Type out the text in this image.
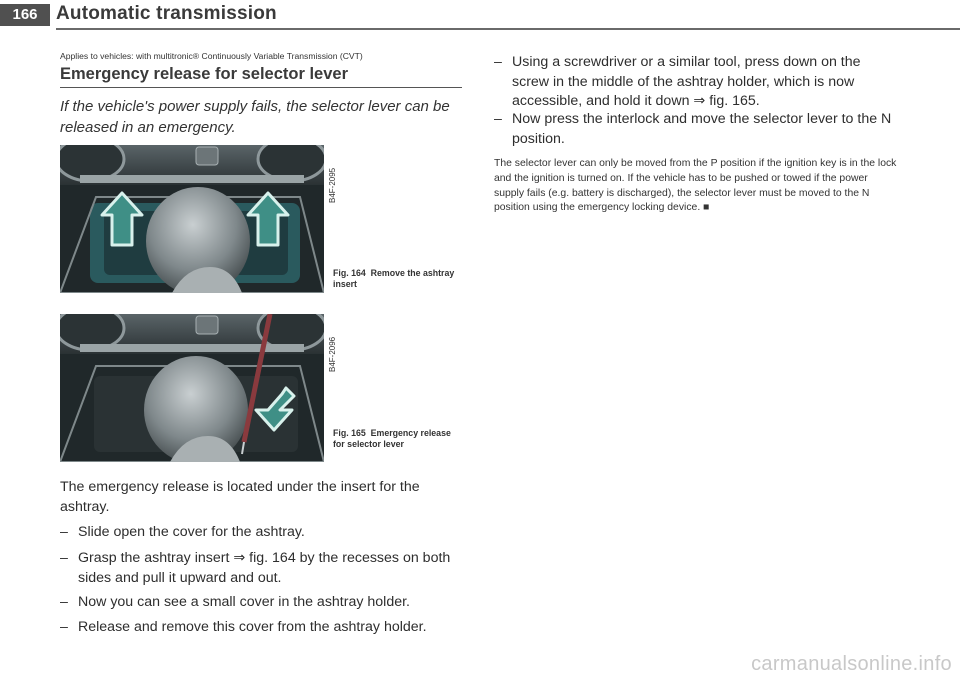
166 Automatic transmission
Applies to vehicles: with multitronic® Continuously Variable Transmission (CVT)
Emergency release for selector lever
If the vehicle's power supply fails, the selector lever can be released in an emergency.
B4F-2095
Fig. 164 Remove the ashtray insert
B4F-2096
Fig. 165 Emergency release for selector lever
The emergency release is located under the insert for the ashtray.
– Slide open the cover for the ashtray.
– Grasp the ashtray insert ⇒ fig. 164 by the recesses on both sides and pull it upward and out.
– Now you can see a small cover in the ashtray holder.
– Release and remove this cover from the ashtray holder.
– Using a screwdriver or a similar tool, press down on the screw in the middle of the ashtray holder, which is now accessible, and hold it down ⇒ fig. 165.
– Now press the interlock and move the selector lever to the N position.
The selector lever can only be moved from the P position if the ignition key is in the lock and the ignition is turned on. If the vehicle has to be pushed or towed if the power supply fails (e.g. battery is discharged), the selector lever must be moved to the N position using the emergency locking device. ■
carmanualsonline.info
